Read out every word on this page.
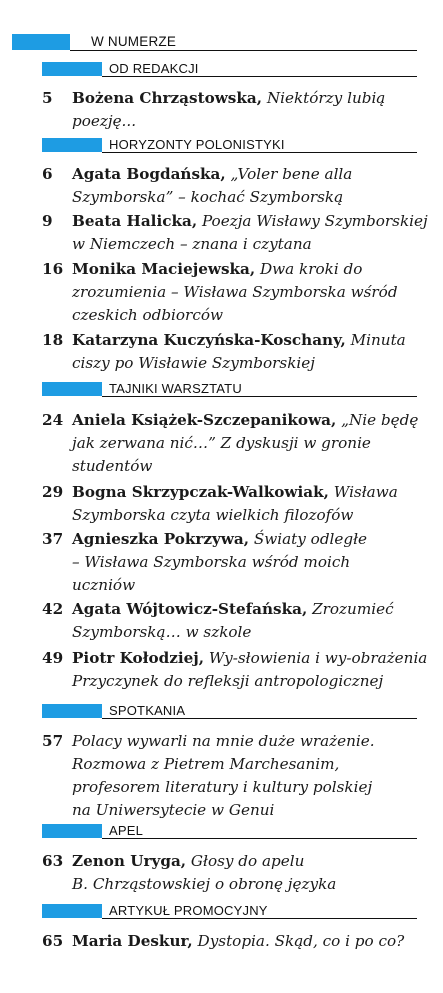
W NUMERZE
OD REDAKCJI
HORYZONTY POLONISTYKI
TAJNIKI WARSZTATU
SPOTKANIA
APEL
ARTYKUŁ PROMOCYJNY
5 Bożena Chrząstowska, Niektórzy lubią
poezję...
6 Agata Bogdańska, „Voler bene alla
Szymborska” – kochać Szymborską
9 Beata Halicka, Poezja Wisławy Szymborskiej
w Niemczech – znana i czytana
16 Monika Maciejewska, Dwa kroki do
zrozumienia – Wisława Szymborska wśród
czeskich odbiorców
18 Katarzyna Kuczyńska-Koschany, Minuta
ciszy po Wisławie Szymborskiej
24 Aniela Książek-Szczepanikowa, „Nie będę
jak zerwana nić…” Z dyskusji w gronie
studentów
29 Bogna Skrzypczak-Walkowiak, Wisława
Szymborska czyta wielkich filozofów
37 Agnieszka Pokrzywa, Światy odległe
– Wisława Szymborska wśród moich
uczniów
42 Agata Wójtowicz-Stefańska, Zrozumieć
Szymborską… w szkole
49 Piotr Kołodziej, Wy-słowienia i wy-obrażenia
Przyczynek do refleksji antropologicznej
57 Polacy wywarli na mnie duże wrażenie.
Rozmowa z Pietrem Marchesanim,
profesorem literatury i kultury polskiej
na Uniwersytecie w Genui
63 Zenon Uryga, Głosy do apelu
B. Chrząstowskiej o obronę języka
65 Maria Deskur, Dystopia. Skąd, co i po co?
